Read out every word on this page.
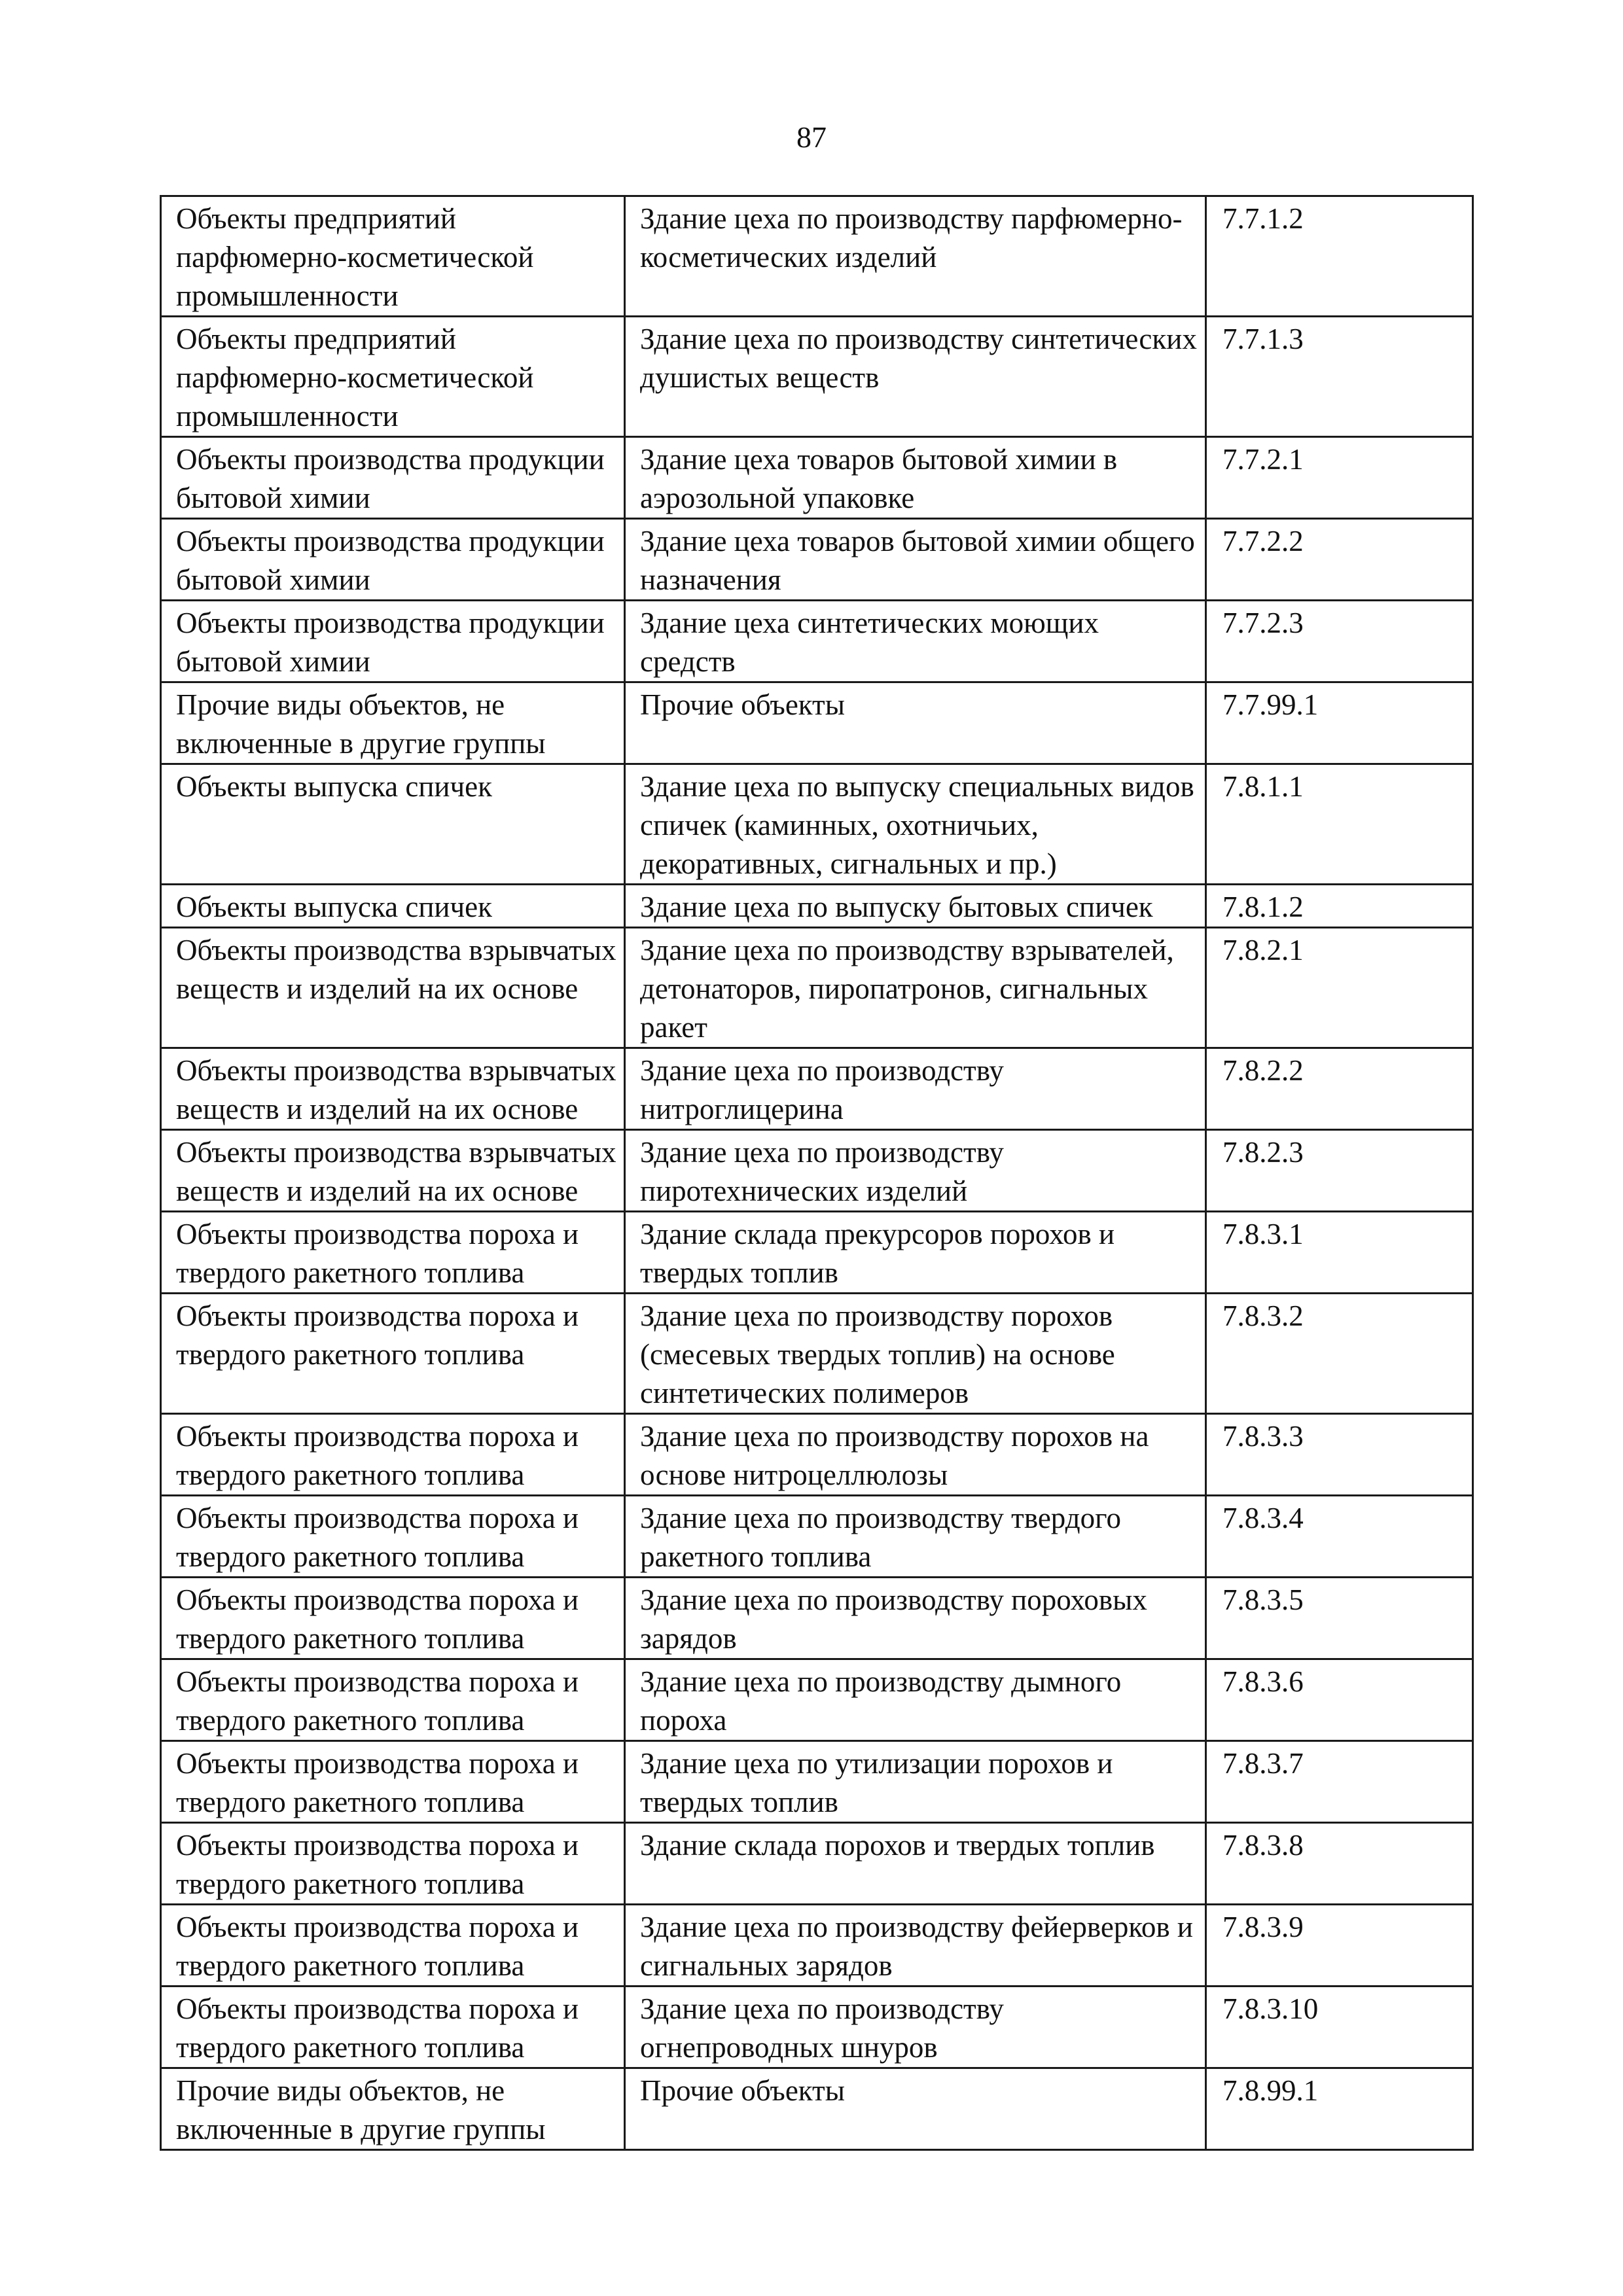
87
Объекты предприятий парфюмерно-косметической промышленности	Здание цеха по производству парфюмерно-косметических изделий	7.7.1.2
Объекты предприятий парфюмерно-косметической промышленности	Здание цеха по производству синтетических душистых веществ	7.7.1.3
Объекты производства продукции бытовой химии	Здание цеха товаров бытовой химии в аэрозольной упаковке	7.7.2.1
Объекты производства продукции бытовой химии	Здание цеха товаров бытовой химии общего назначения	7.7.2.2
Объекты производства продукции бытовой химии	Здание цеха синтетических моющих средств	7.7.2.3
Прочие виды объектов, не включенные в другие группы	Прочие объекты	7.7.99.1
Объекты выпуска спичек	Здание цеха по выпуску специальных видов спичек (каминных, охотничьих, декоративных, сигнальных и пр.)	7.8.1.1
Объекты выпуска спичек	Здание цеха по выпуску бытовых спичек	7.8.1.2
Объекты производства взрывчатых веществ и изделий на их основе	Здание цеха по производству взрывателей, детонаторов, пиропатронов, сигнальных ракет	7.8.2.1
Объекты производства взрывчатых веществ и изделий на их основе	Здание цеха по производству нитроглицерина	7.8.2.2
Объекты производства взрывчатых веществ и изделий на их основе	Здание цеха по производству пиротехнических изделий	7.8.2.3
Объекты производства пороха и твердого ракетного топлива	Здание склада прекурсоров порохов и твердых топлив	7.8.3.1
Объекты производства пороха и твердого ракетного топлива	Здание цеха по производству порохов (смесевых твердых топлив) на основе синтетических полимеров	7.8.3.2
Объекты производства пороха и твердого ракетного топлива	Здание цеха по производству порохов на основе нитроцеллюлозы	7.8.3.3
Объекты производства пороха и твердого ракетного топлива	Здание цеха по производству твердого ракетного топлива	7.8.3.4
Объекты производства пороха и твердого ракетного топлива	Здание цеха по производству пороховых зарядов	7.8.3.5
Объекты производства пороха и твердого ракетного топлива	Здание цеха по производству дымного пороха	7.8.3.6
Объекты производства пороха и твердого ракетного топлива	Здание цеха по утилизации порохов и твердых топлив	7.8.3.7
Объекты производства пороха и твердого ракетного топлива	Здание склада порохов и твердых топлив	7.8.3.8
Объекты производства пороха и твердого ракетного топлива	Здание цеха по производству фейерверков и сигнальных зарядов	7.8.3.9
Объекты производства пороха и твердого ракетного топлива	Здание цеха по производству огнепроводных шнуров	7.8.3.10
Прочие виды объектов, не включенные в другие группы	Прочие объекты	7.8.99.1
